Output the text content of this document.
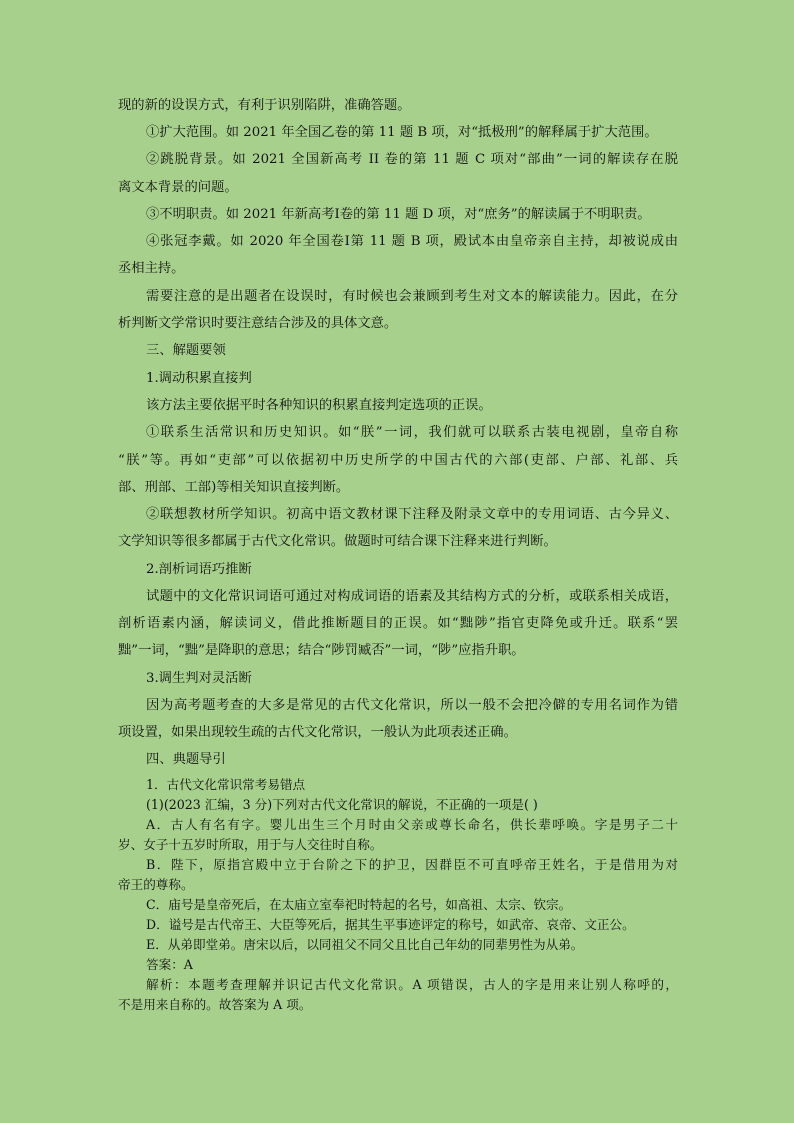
现的新的设误方式，有利于识别陷阱，准确答题。
①扩大范围。如 2021 年全国乙卷的第 11 题 B 项，对“抵极刑”的解释属于扩大范围。
②跳脱背景。如 2021 全国新高考 II 卷的第 11 题 C 项对“部曲”一词的解读存在脱
离文本背景的问题。
③不明职责。如 2021 年新高考Ⅰ卷的第 11 题 D 项，对“庶务”的解读属于不明职责。
④张冠李戴。如 2020 年全国卷Ⅰ第 11 题 B 项，殿试本由皇帝亲自主持，却被说成由
丞相主持。
需要注意的是出题者在设误时，有时候也会兼顾到考生对文本的解读能力。因此，在分
析判断文学常识时要注意结合涉及的具体文意。
三、解题要领
1.调动积累直接判
该方法主要依据平时各种知识的积累直接判定选项的正误。
➀联系生活常识和历史知识。如“朕”一词，我们就可以联系古装电视剧，皇帝自称
“朕”等。再如“吏部”可以依据初中历史所学的中国古代的六部(吏部、户部、礼部、兵
部、刑部、工部)等相关知识直接判断。
➁联想教材所学知识。初高中语文教材课下注释及附录文章中的专用词语、古今异义、
文学知识等很多都属于古代文化常识。做题时可结合课下注释来进行判断。
2.剖析词语巧推断
试题中的文化常识词语可通过对构成词语的语素及其结构方式的分析，或联系相关成语，
剖析语素内涵，解读词义，借此推断题目的正误。如“黜陟”指官吏降免或升迁。联系“罢
黜”一词，“黜”是降职的意思；结合“陟罚臧否”一词，“陟”应指升职。
3.调生判对灵活断
因为高考题考查的大多是常见的古代文化常识，所以一般不会把冷僻的专用名词作为错
项设置，如果出现较生疏的古代文化常识，一般认为此项表述正确。
四、典题导引
1．古代文化常识常考易错点
(1)(2023 汇编，3 分)下列对古代文化常识的解说，不正确的一项是( )
A．古人有名有字。婴儿出生三个月时由父亲或尊长命名，供长辈呼唤。字是男子二十
岁、女子十五岁时所取，用于与人交往时自称。
B．陛下，原指宫殿中立于台阶之下的护卫，因群臣不可直呼帝王姓名，于是借用为对
帝王的尊称。
C．庙号是皇帝死后，在太庙立室奉祀时特起的名号，如高祖、太宗、钦宗。
D．谥号是古代帝王、大臣等死后，据其生平事迹评定的称号，如武帝、哀帝、文正公。
E．从弟即堂弟。唐宋以后，以同祖父不同父且比自己年幼的同辈男性为从弟。
答案：A
解析：本题考查理解并识记古代文化常识。A 项错误，古人的字是用来让别人称呼的，
不是用来自称的。故答案为 A 项。
